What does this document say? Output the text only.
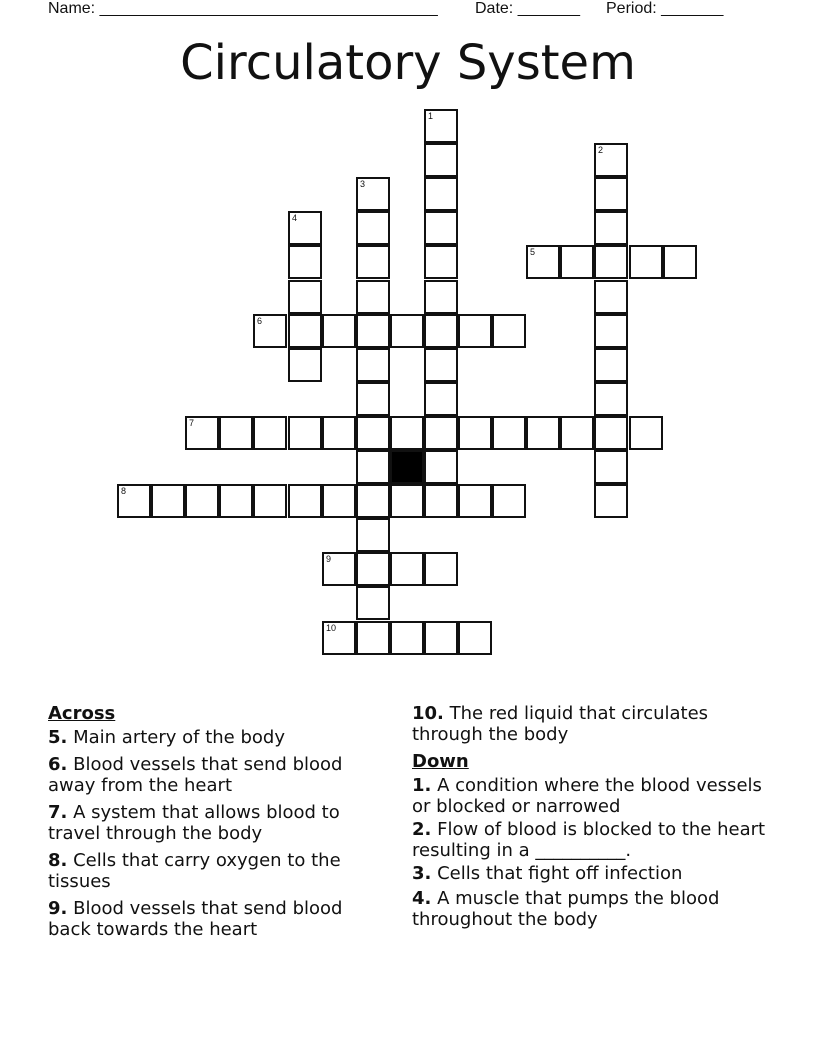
Name: ______________________________________ Date: _______ Period: _______
Circulatory System
1
2
3
4
5
6
7
8
9
10
Across
5. Main artery of the body
6. Blood vessels that send blood away from the heart
7. A system that allows blood to travel through the body
8. Cells that carry oxygen to the tissues
9. Blood vessels that send blood back towards the heart
10. The red liquid that circulates through the body
Down
1. A condition where the blood vessels or blocked or narrowed
2. Flow of blood is blocked to the heart resulting in a __________.
3. Cells that fight off infection
4. A muscle that pumps the blood throughout the body
